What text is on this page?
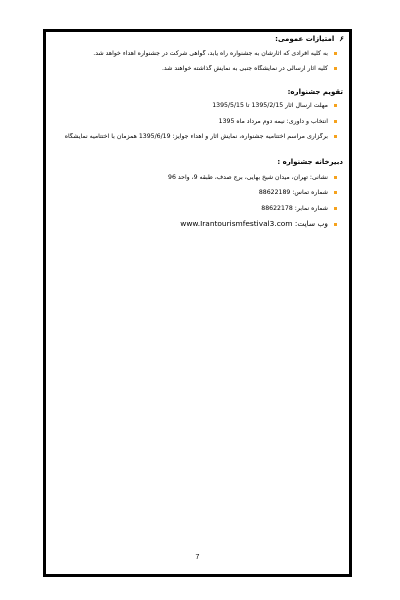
۶امتیازات عمومی:
به کلیه افرادی که آثارشان به جشنواره راه یابد، گواهی شرکت در جشنواره اهداء خواهد شد.
کلیه آثار ارسالی در نمایشگاه جنبی به نمایش گذاشته خواهند شد.
تقویم جشنواره:
مهلت ارسال آثار 1395/2/15 تا 1395/5/15
انتخاب و داوری: نیمه دوم مرداد ماه 1395
برگزاری مراسم اختتامیه جشنواره، نمایش آثار و اهداء جوایز: 1395/6/19 همزمان با اختتامیه نمایشگاه
دبیرخانه جشنواره :
نشانی: تهران، میدان شیخ بهایی، برج صدف، طبقه 9، واحد 96
شماره تماس: 88622189
شماره نمابر: 88622178
وب سایت: www.Irantourismfestival3.com
7
